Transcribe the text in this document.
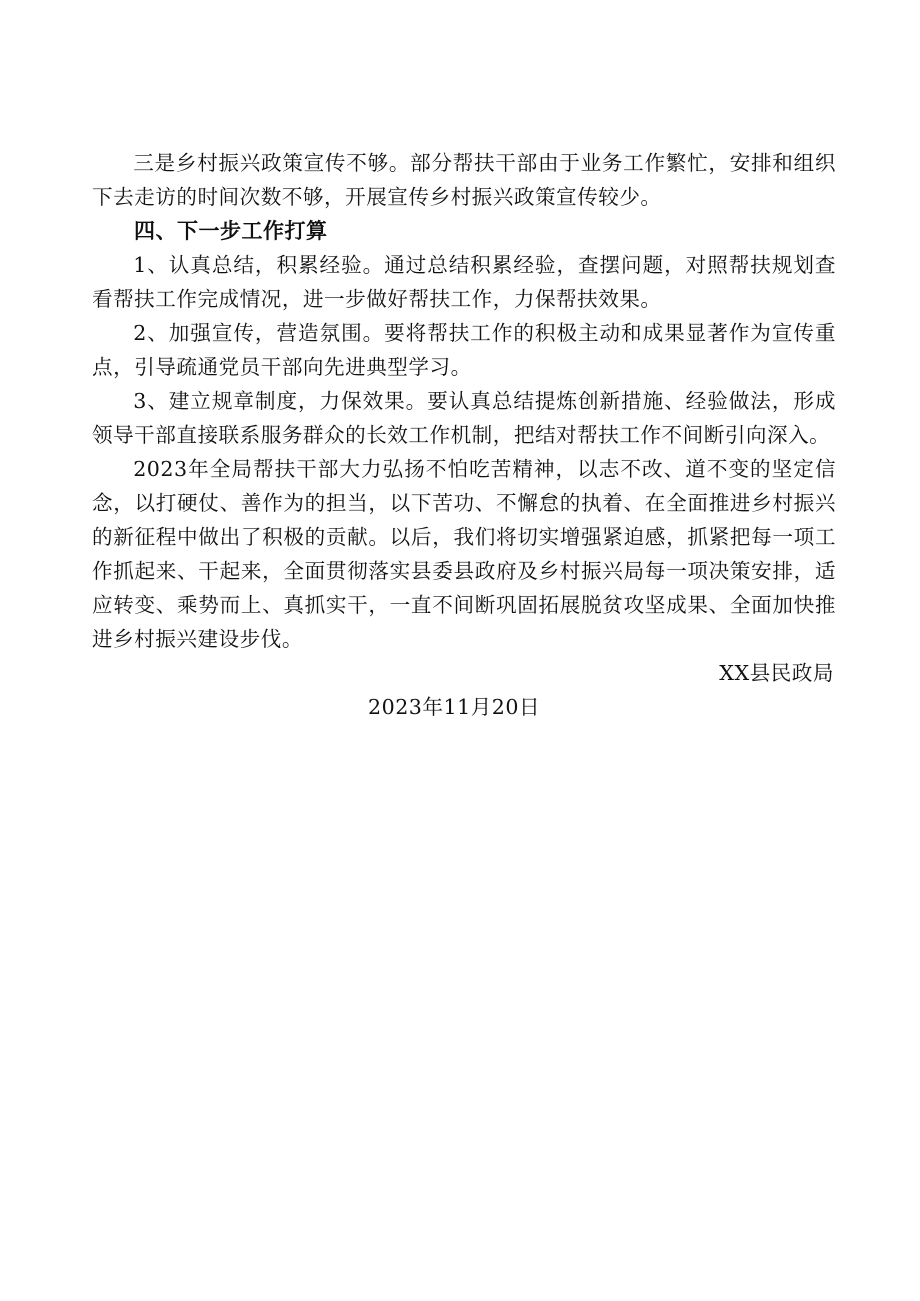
三是乡村振兴政策宣传不够。部分帮扶干部由于业务工作繁忙，安排和组织下去走访的时间次数不够，开展宣传乡村振兴政策宣传较少。

四、下一步工作打算

1、认真总结，积累经验。通过总结积累经验，查摆问题，对照帮扶规划查看帮扶工作完成情况，进一步做好帮扶工作，力保帮扶效果。

2、加强宣传，营造氛围。要将帮扶工作的积极主动和成果显著作为宣传重点，引导疏通党员干部向先进典型学习。

3、建立规章制度，力保效果。要认真总结提炼创新措施、经验做法，形成领导干部直接联系服务群众的长效工作机制，把结对帮扶工作不间断引向深入。

2023年全局帮扶干部大力弘扬不怕吃苦精神，以志不改、道不变的坚定信念，以打硬仗、善作为的担当，以下苦功、不懈怠的执着、在全面推进乡村振兴的新征程中做出了积极的贡献。以后，我们将切实增强紧迫感，抓紧把每一项工作抓起来、干起来，全面贯彻落实县委县政府及乡村振兴局每一项决策安排，适应转变、乘势而上、真抓实干，一直不间断巩固拓展脱贫攻坚成果、全面加快推进乡村振兴建设步伐。

XX县民政局

2023年11月20日
